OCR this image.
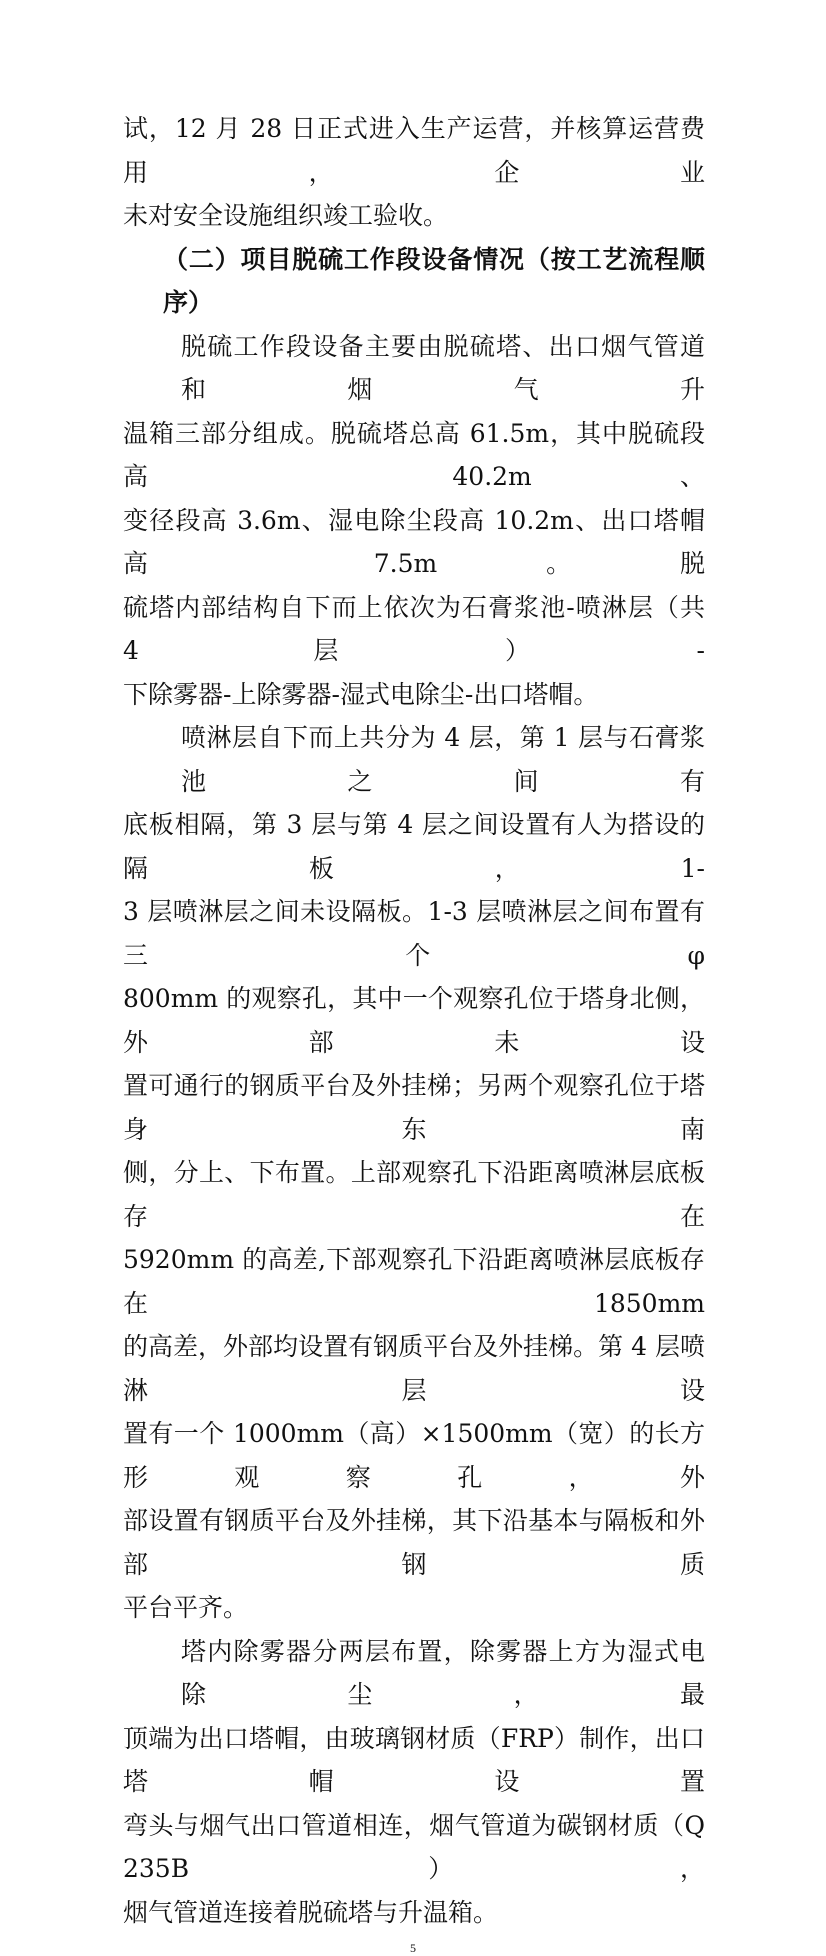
试，12 月 28 日正式进入生产运营，并核算运营费用，企业
未对安全设施组织竣工验收。
（二）项目脱硫工作段设备情况（按工艺流程顺序）
脱硫工作段设备主要由脱硫塔、出口烟气管道和烟气升
温箱三部分组成。脱硫塔总高 61.5m，其中脱硫段高 40.2m、
变径段高 3.6m、湿电除尘段高 10.2m、出口塔帽高 7.5m。脱
硫塔内部结构自下而上依次为石膏浆池-喷淋层（共 4 层）-
下除雾器-上除雾器-湿式电除尘-出口塔帽。
喷淋层自下而上共分为 4 层，第 1 层与石膏浆池之间有
底板相隔，第 3 层与第 4 层之间设置有人为搭设的隔板，1-
3 层喷淋层之间未设隔板。1-3 层喷淋层之间布置有三个φ
800mm 的观察孔，其中一个观察孔位于塔身北侧，外部未设
置可通行的钢质平台及外挂梯；另两个观察孔位于塔身东南
侧，分上、下布置。上部观察孔下沿距离喷淋层底板存在
5920mm 的高差,下部观察孔下沿距离喷淋层底板存在 1850mm
的高差，外部均设置有钢质平台及外挂梯。第 4 层喷淋层设
置有一个 1000mm（高）×1500mm（宽）的长方形观察孔，外
部设置有钢质平台及外挂梯，其下沿基本与隔板和外部钢质
平台平齐。
塔内除雾器分两层布置，除雾器上方为湿式电除尘，最
顶端为出口塔帽，由玻璃钢材质（FRP）制作，出口塔帽设置
弯头与烟气出口管道相连，烟气管道为碳钢材质（Q235B），
烟气管道连接着脱硫塔与升温箱。
5
